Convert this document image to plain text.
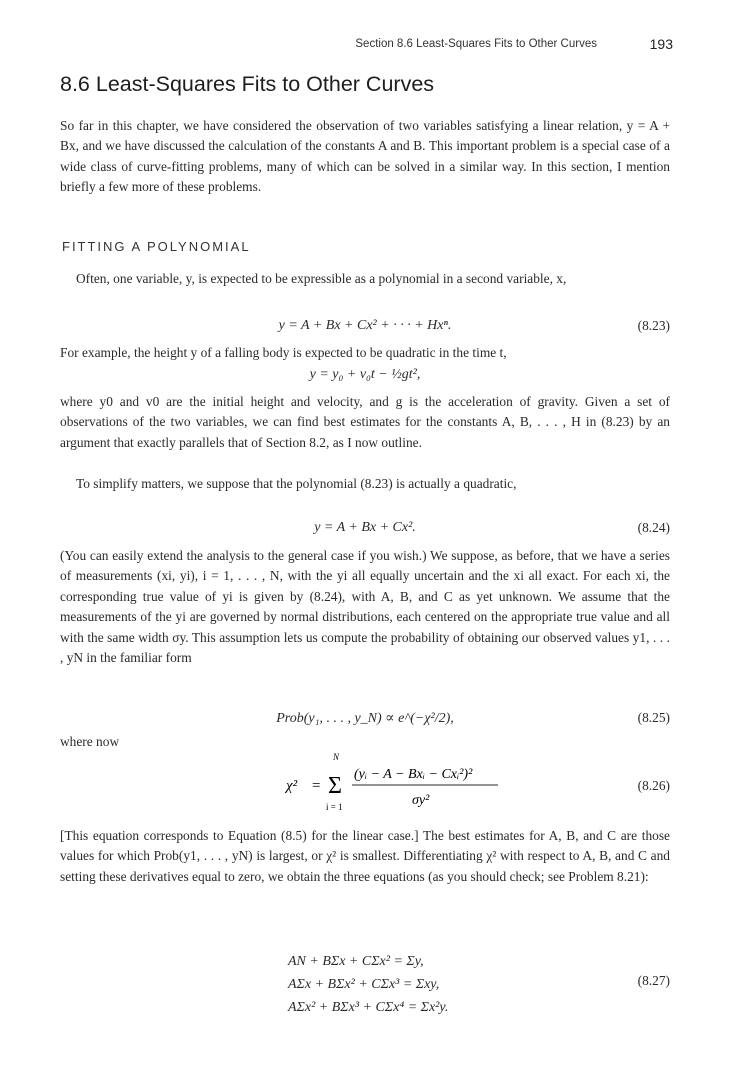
Section 8.6 Least-Squares Fits to Other Curves	193
8.6 Least-Squares Fits to Other Curves

So far in this chapter, we have considered the observation of two variables satisfying a linear relation, y = A + Bx, and we have discussed the calculation of the constants A and B. This important problem is a special case of a wide class of curve-fitting problems, many of which can be solved in a similar way. In this section, I mention briefly a few more of these problems.

FITTING A POLYNOMIAL

Often, one variable, y, is expected to be expressible as a polynomial in a second variable, x,

y = A + Bx + Cx² + · · · + Hxⁿ.	(8.23)

For example, the height y of a falling body is expected to be quadratic in the time t,

y = y₀ + v₀t − ½gt²,

where y0 and v0 are the initial height and velocity, and g is the acceleration of gravity. Given a set of observations of the two variables, we can find best estimates for the constants A, B, . . . , H in (8.23) by an argument that exactly parallels that of Section 8.2, as I now outline.

To simplify matters, we suppose that the polynomial (8.23) is actually a quadratic,

y = A + Bx + Cx².	(8.24)

(You can easily extend the analysis to the general case if you wish.) We suppose, as before, that we have a series of measurements (xi, yi), i = 1, . . . , N, with the yi all equally uncertain and the xi all exact. For each xi, the corresponding true value of yi is given by (8.24), with A, B, and C as yet unknown. We assume that the measurements of the yi are governed by normal distributions, each centered on the appropriate true value and all with the same width σy. This assumption lets us compute the probability of obtaining our observed values y1, . . . , yN in the familiar form

Prob(y₁, . . . , y_N) ∝ e^(−χ²/2),	(8.25)

where now

χ² =
N
Σ
i = 1
(yᵢ − A − Bxᵢ − Cxᵢ²)²
σy²
(8.26)

[This equation corresponds to Equation (8.5) for the linear case.] The best estimates for A, B, and C are those values for which Prob(y1, . . . , yN) is largest, or χ² is smallest. Differentiating χ² with respect to A, B, and C and setting these derivatives equal to zero, we obtain the three equations (as you should check; see Problem 8.21):

AN + BΣx + CΣx² = Σy,
AΣx + BΣx² + CΣx³ = Σxy,
AΣx² + BΣx³ + CΣx⁴ = Σx²y.
(8.27)
